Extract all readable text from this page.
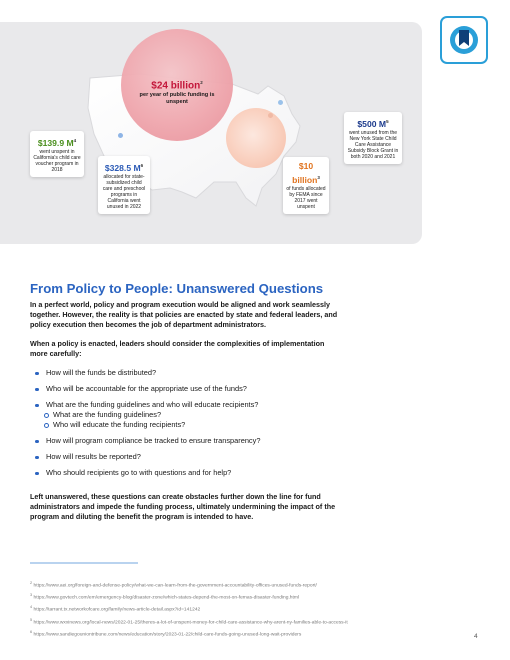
$24 billion$^2$
per year of public funding is unspent
$139.9 $M^4$
went unspent in California's child care voucher program in 2018	$328.5 $M^6$
allocated for state-subsidized child care and preschool programs in California went unused in 2022
$10 billion$^3$
of funds allocated by FEMA since 2017 went unspent
$500 $M^5$
went unused from the New York State Child Care Assistance Subsidy Block Grant in both 2020 and 2021
From Policy to People: Unanswered Questions
In a perfect world, policy and program execution would be aligned and work seamlessly together. However, the reality is that policies are enacted by state and federal leaders, and policy execution then becomes the job of department administrators.
When a policy is enacted, leaders should consider the complexities of implementation more carefully:
How will the funds be distributed?
Who will be accountable for the appropriate use of the funds?
What are the funding guidelines and who will educate recipients?
What are the funding guidelines?
Who will educate the funding recipients?
How will program compliance be tracked to ensure transparency?
How will results be reported?
Who should recipients go to with questions and for help?
Left unanswered, these questions can create obstacles further down the line for fund administrators and impede the funding process, ultimately undermining the impact of the program and diluting the benefit the program is intended to have.
$^2$ https://www.aei.org/foreign-and-defense-policy/what-we-can-learn-from-the-government-accountability-offices-unused-funds-report/
$^3$ https://www.govtech.com/em/emergency-blog/disaster-zone/which-states-depend-the-most-on-femas-disaster-funding.html
$^4$ https://tarrant.tx.networkofcare.org/family/news-article-detail.aspx?id=141242
$^5$ https://www.wxxinews.org/local-news/2022-01-25/theres-a-lot-of-unspent-money-for-child-care-assistance-why-arent-ny-families-able-to-access-it
$^6$ https://www.sandiegouniontribune.com/news/education/story/2023-01-22/child-care-funds-going-unused-long-wait-providers	4
